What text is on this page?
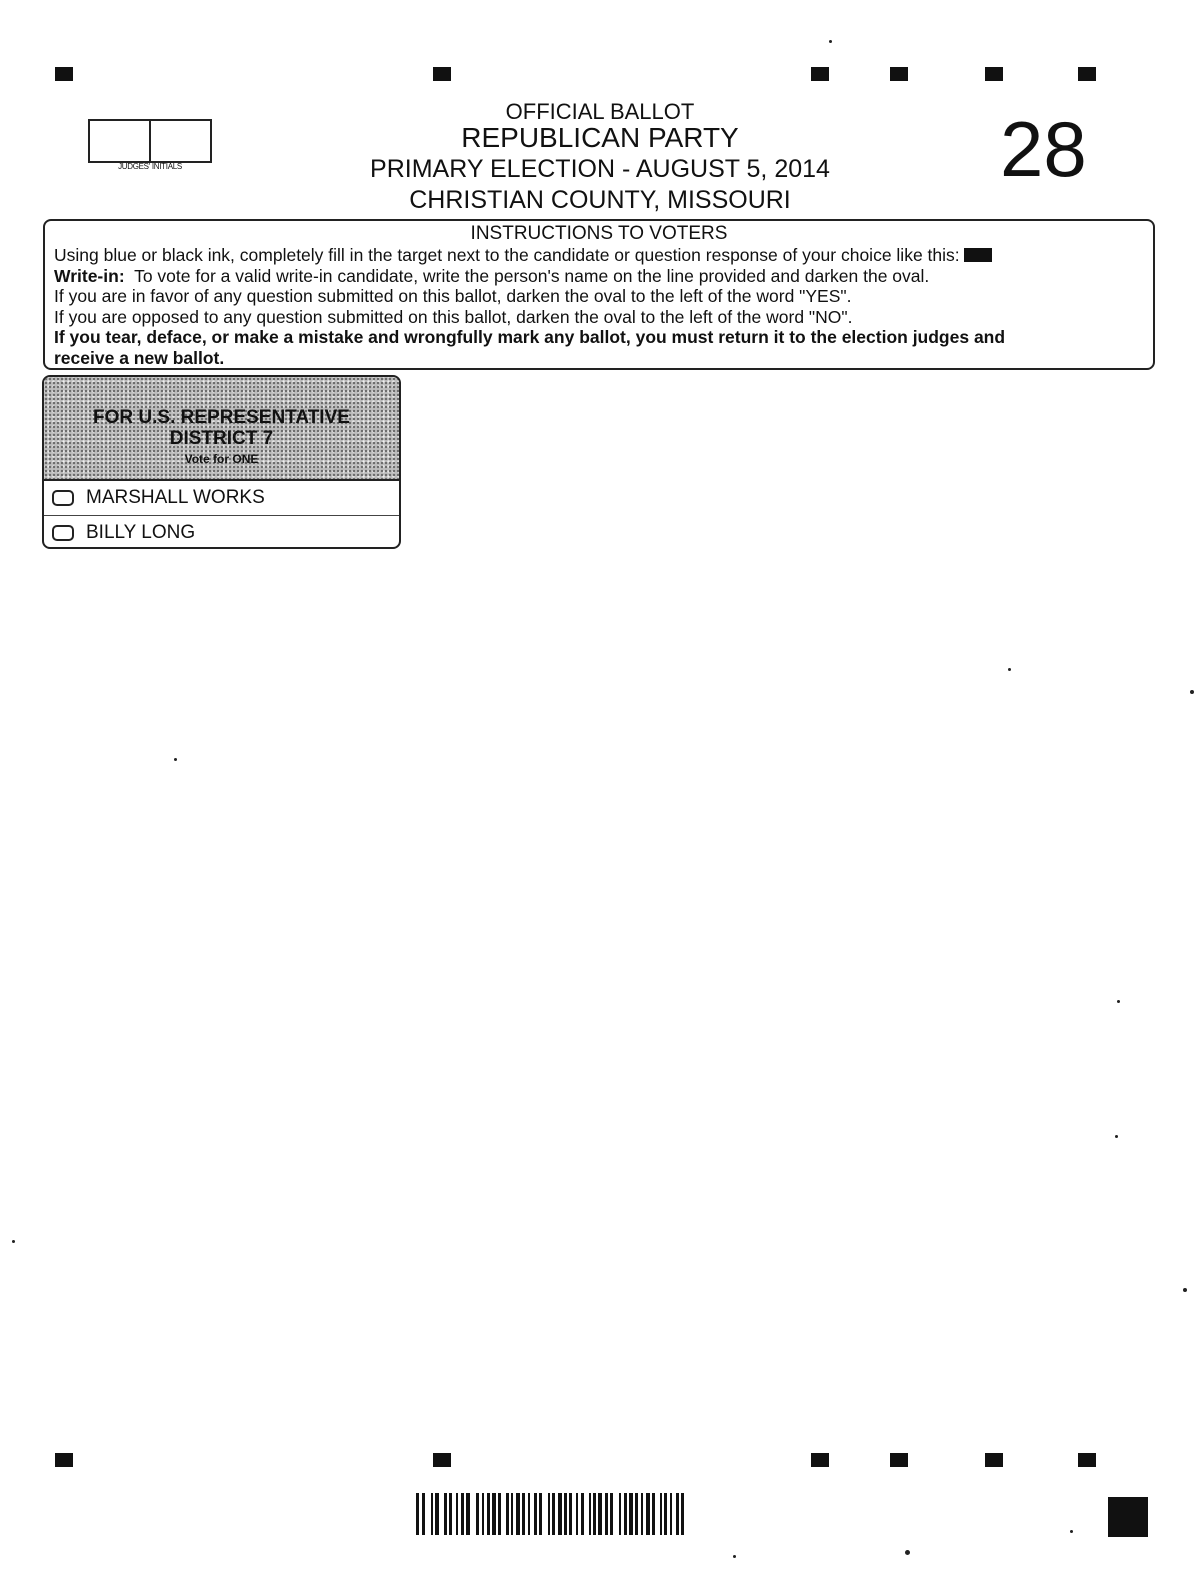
JUDGES' INITIALS
OFFICIAL BALLOT
REPUBLICAN PARTY
PRIMARY ELECTION - AUGUST 5, 2014
CHRISTIAN COUNTY, MISSOURI
28
INSTRUCTIONS TO VOTERS
Using blue or black ink, completely fill in the target next to the candidate or question response of your choice like this:
Write-in: To vote for a valid write-in candidate, write the person's name on the line provided and darken the oval.
If you are in favor of any question submitted on this ballot, darken the oval to the left of the word "YES".
If you are opposed to any question submitted on this ballot, darken the oval to the left of the word "NO".
If you tear, deface, or make a mistake and wrongfully mark any ballot, you must return it to the election judges and
receive a new ballot.
FOR U.S. REPRESENTATIVE
DISTRICT 7
Vote for ONE
MARSHALL WORKS
BILLY LONG
